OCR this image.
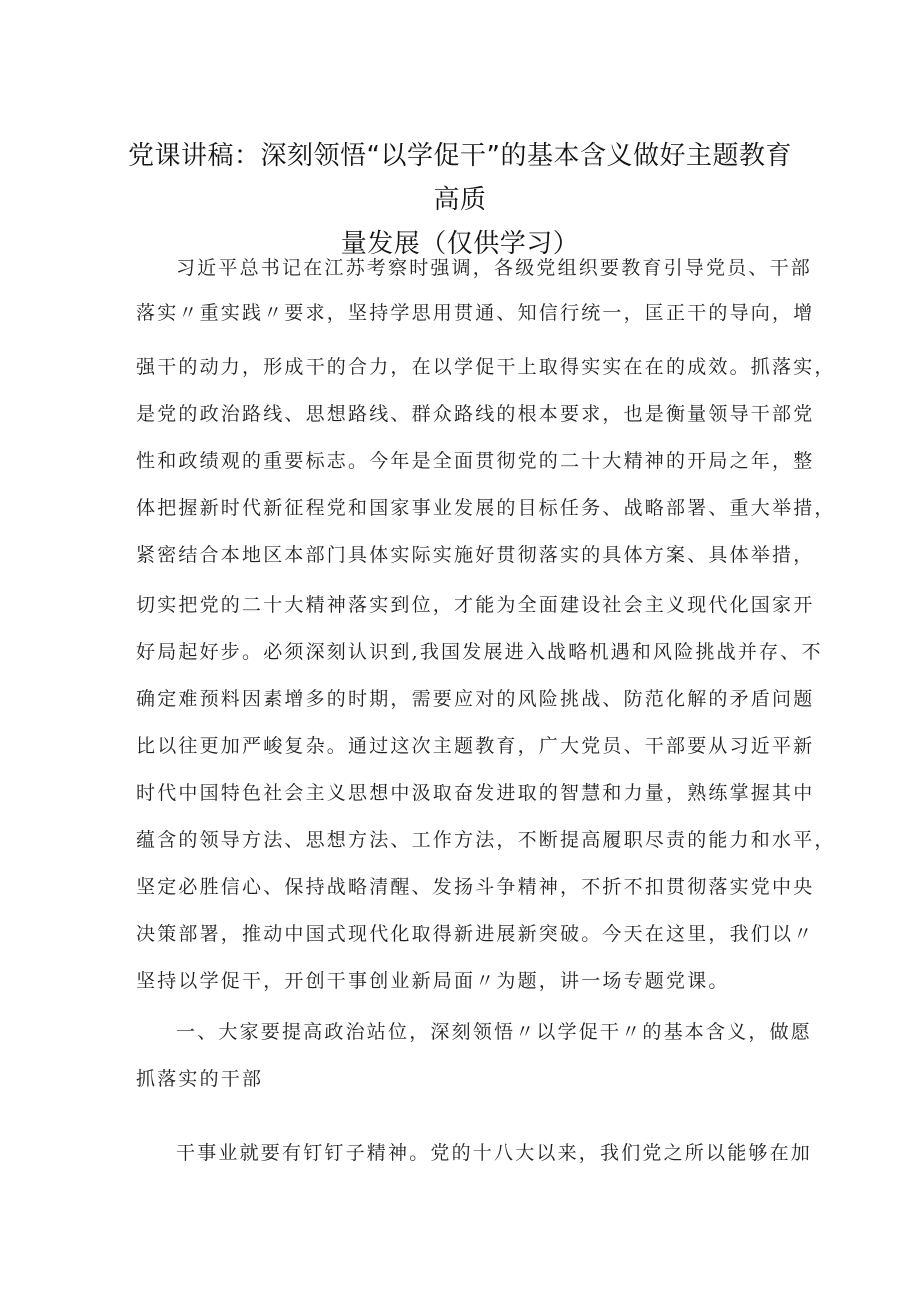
党课讲稿：深刻领悟“以学促干”的基本含义做好主题教育高质
量发展（仅供学习）
习近平总书记在江苏考察时强调，各级党组织要教育引导党员、干部
落实〃重实践〃要求，坚持学思用贯通、知信行统一，匡正干的导向，增
强干的动力，形成干的合力，在以学促干上取得实实在在的成效。抓落实，
是党的政治路线、思想路线、群众路线的根本要求，也是衡量领导干部党
性和政绩观的重要标志。今年是全面贯彻党的二十大精神的开局之年，整
体把握新时代新征程党和国家事业发展的目标任务、战略部署、重大举措，
紧密结合本地区本部门具体实际实施好贯彻落实的具体方案、具体举措，
切实把党的二十大精神落实到位，才能为全面建设社会主义现代化国家开
好局起好步。必须深刻认识到,我国发展进入战略机遇和风险挑战并存、不
确定难预料因素增多的时期，需要应对的风险挑战、防范化解的矛盾问题
比以往更加严峻复杂。通过这次主题教育，广大党员、干部要从习近平新
时代中国特色社会主义思想中汲取奋发进取的智慧和力量，熟练掌握其中
蕴含的领导方法、思想方法、工作方法，不断提高履职尽责的能力和水平，
坚定必胜信心、保持战略清醒、发扬斗争精神，不折不扣贯彻落实党中央
决策部署，推动中国式现代化取得新进展新突破。今天在这里，我们以〃
坚持以学促干，开创干事创业新局面〃为题，讲一场专题党课。
一、大家要提高政治站位，深刻领悟〃以学促干〃的基本含义，做愿
抓落实的干部
干事业就要有钉钉子精神。党的十八大以来，我们党之所以能够在加
